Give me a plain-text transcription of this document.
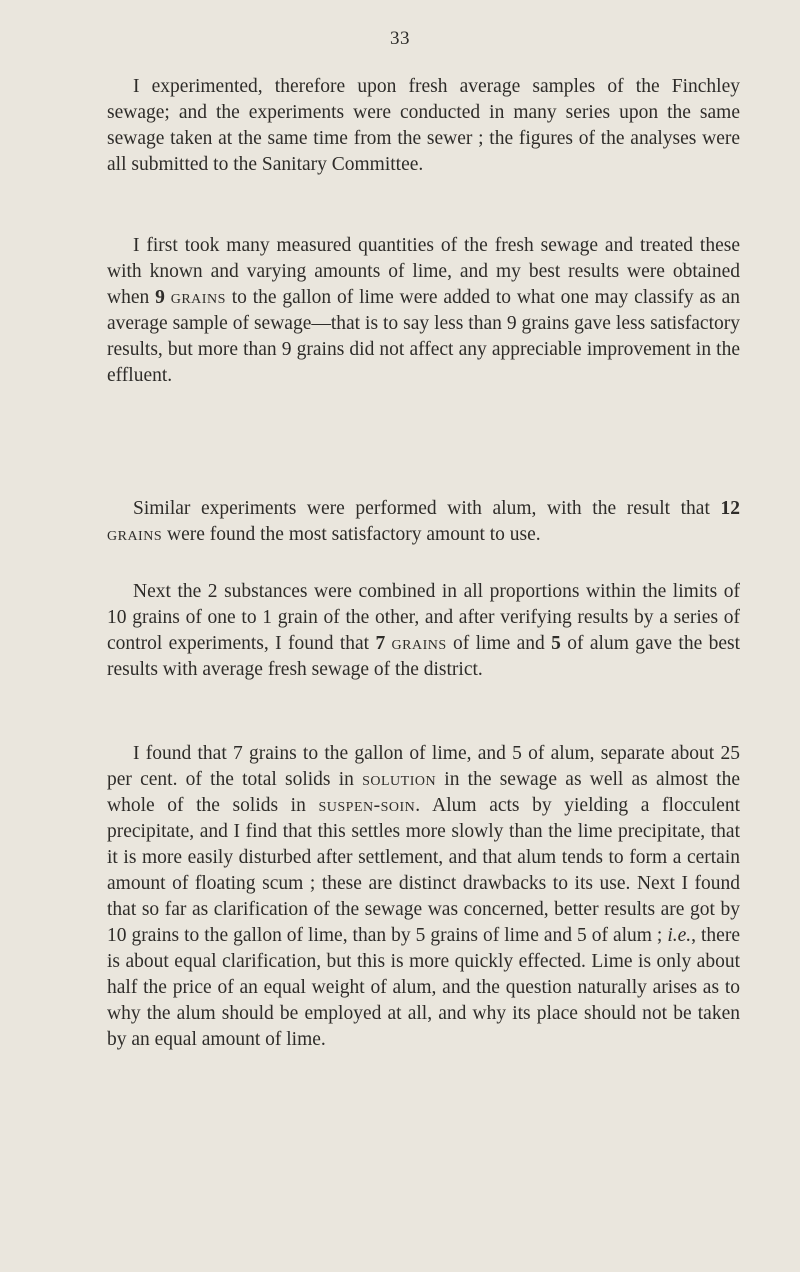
33

I experimented, therefore upon fresh average samples of the Finchley sewage; and the experiments were conducted in many series upon the same sewage taken at the same time from the sewer ; the figures of the analyses were all submitted to the Sanitary Committee.

I first took many measured quantities of the fresh sewage and treated these with known and varying amounts of lime, and my best results were obtained when 9 grains to the gallon of lime were added to what one may classify as an average sample of sewage—that is to say less than 9 grains gave less satisfactory results, but more than 9 grains did not affect any appreciable improvement in the effluent.

Similar experiments were performed with alum, with the result that 12 grains were found the most satisfactory amount to use.

Next the 2 substances were combined in all proportions within the limits of 10 grains of one to 1 grain of the other, and after verifying results by a series of control experiments, I found that 7 grains of lime and 5 of alum gave the best results with average fresh sewage of the district.

I found that 7 grains to the gallon of lime, and 5 of alum, separate about 25 per cent. of the total solids in solution in the sewage as well as almost the whole of the solids in suspen-soin. Alum acts by yielding a flocculent precipitate, and I find that this settles more slowly than the lime precipitate, that it is more easily disturbed after settlement, and that alum tends to form a certain amount of floating scum ; these are distinct drawbacks to its use. Next I found that so far as clarification of the sewage was concerned, better results are got by 10 grains to the gallon of lime, than by 5 grains of lime and 5 of alum ; i.e., there is about equal clarification, but this is more quickly effected. Lime is only about half the price of an equal weight of alum, and the question naturally arises as to why the alum should be employed at all, and why its place should not be taken by an equal amount of lime.
